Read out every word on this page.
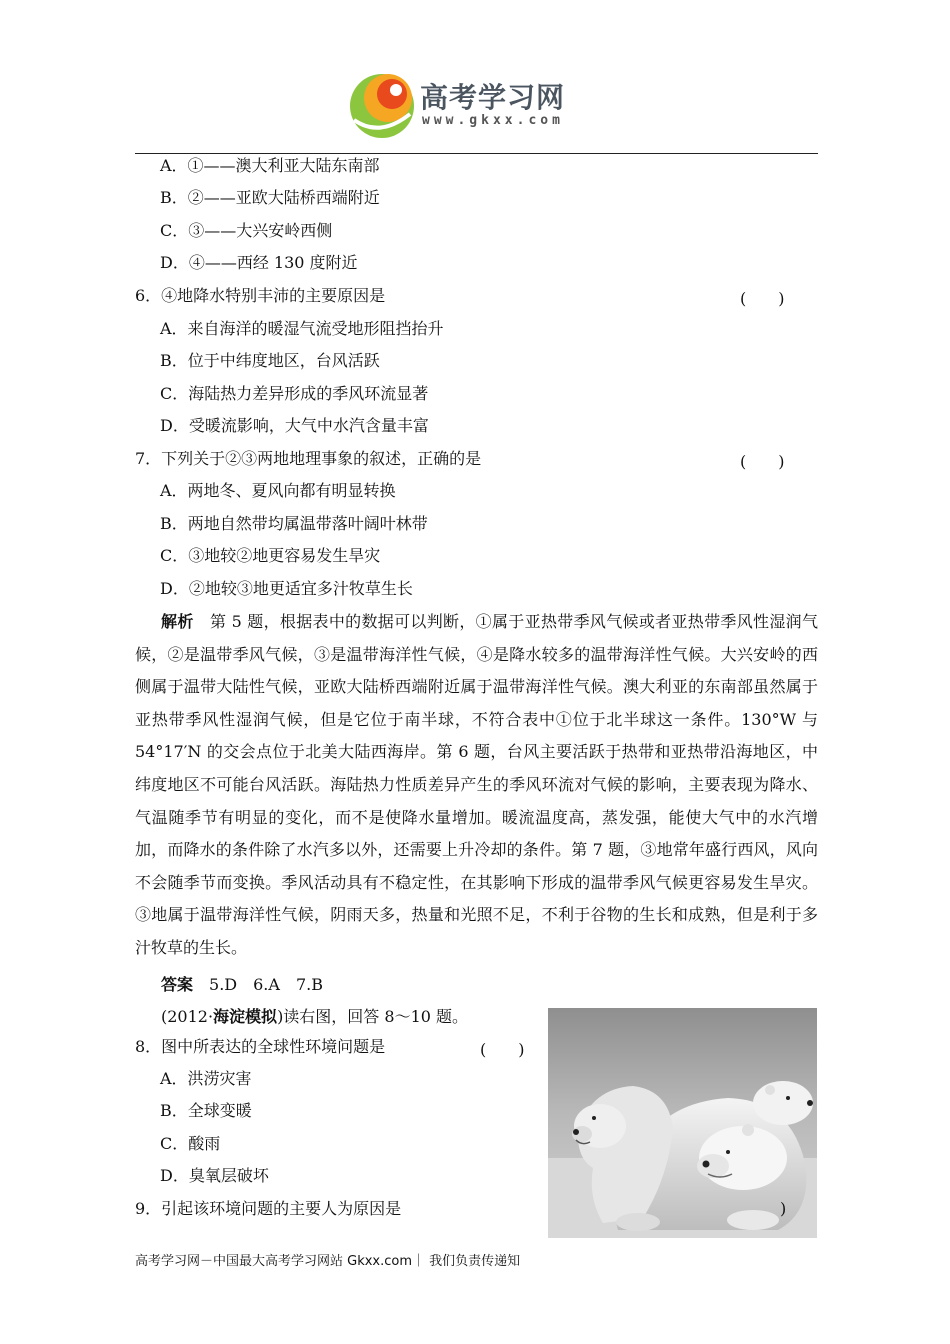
高考学习网
www.gkxx.com
A．①——澳大利亚大陆东南部
B．②——亚欧大陆桥西端附近
C．③——大兴安岭西侧
D．④——西经 130 度附近
6．④地降水特别丰沛的主要原因是	(　　)
A．来自海洋的暖湿气流受地形阻挡抬升
B．位于中纬度地区，台风活跃
C．海陆热力差异形成的季风环流显著
D．受暖流影响，大气中水汽含量丰富
7．下列关于②③两地地理事象的叙述，正确的是	(　　)
A．两地冬、夏风向都有明显转换
B．两地自然带均属温带落叶阔叶林带
C．③地较②地更容易发生旱灾
D．②地较③地更适宜多汁牧草生长
解析　 第 5 题，根据表中的数据可以判断，①属于亚热带季风气候或者亚热带季风性湿润气候，②是温带季风气候，③是温带海洋性气候，④是降水较多的温带海洋性气候。大兴安岭的西侧属于温带大陆性气候，亚欧大陆桥西端附近属于温带海洋性气候。澳大利亚的东南部虽然属于亚热带季风性湿润气候，但是它位于南半球，不符合表中①位于北半球这一条件。130°W 与 54°17′N 的交会点位于北美大陆西海岸。第 6 题，台风主要活跃于热带和亚热带沿海地区，中纬度地区不可能台风活跃。海陆热力性质差异产生的季风环流对气候的影响，主要表现为降水、气温随季节有明显的变化，而不是使降水量增加。暖流温度高，蒸发强，能使大气中的水汽增加，而降水的条件除了水汽多以外，还需要上升冷却的条件。第 7 题，③地常年盛行西风，风向不会随季节而变换。季风活动具有不稳定性，在其影响下形成的温带季风气候更容易发生旱灾。③地属于温带海洋性气候，阴雨天多，热量和光照不足，不利于谷物的生长和成熟，但是利于多汁牧草的生长。
答案　 5.D　6.A　7.B
(2012·海淀模拟)读右图，回答 8～10 题。
8．图中所表达的全球性环境问题是	(　　)
A．洪涝灾害
B．全球变暖
C．酸雨
D．臭氧层破坏
9．引起该环境问题的主要人为原因是	)
高考学习网－中国最大高考学习网站 Gkxx.com｜ 我们负责传递知
